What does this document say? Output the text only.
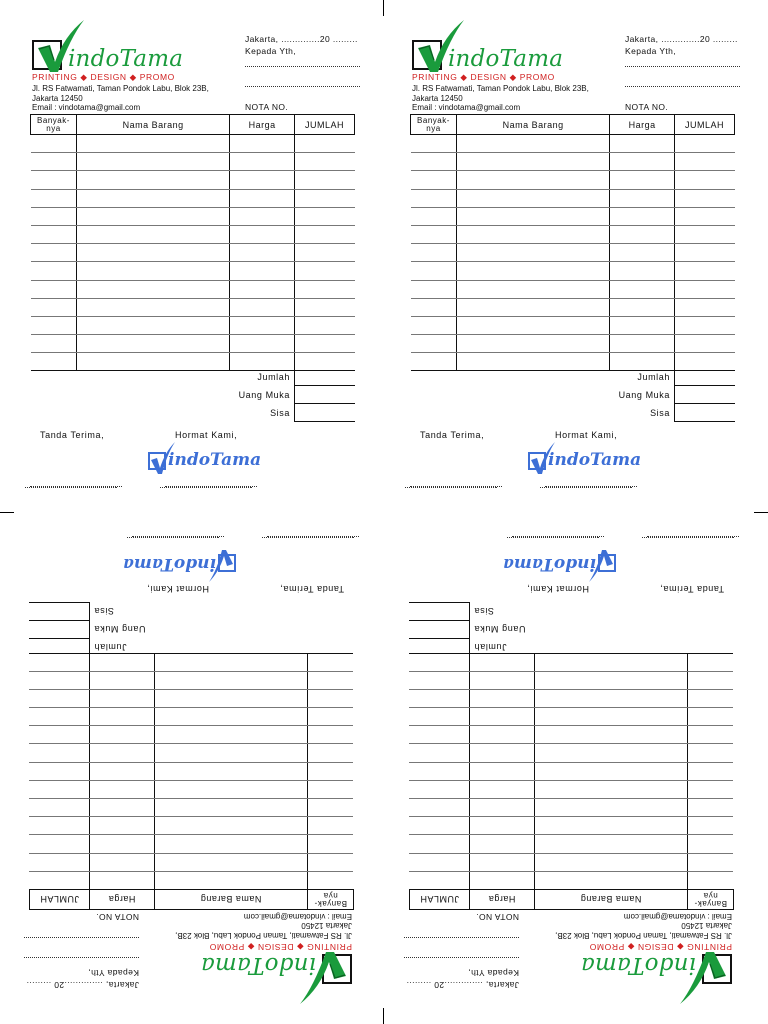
indoTama
PRINTING ◆ DESIGN ◆ PROMO
Jl. RS Fatwamati, Taman Pondok Labu, Blok 23B, Jakarta 12450
Email : vindotama@gmail.com
Jakarta, ..............20 .........
Kepada Yth,
NOTA NO.
Banyak-nya	Nama Barang	Harga	JUMLAH

Jumlah
Uang Muka
Sisa
Tanda Terima,	Hormat Kami,
indoTama
indoTama
PRINTING ◆ DESIGN ◆ PROMO
Jl. RS Fatwamati, Taman Pondok Labu, Blok 23B, Jakarta 12450
Email : vindotama@gmail.com
Jakarta, ..............20 .........
Kepada Yth,
NOTA NO.
Banyak-nya	Nama Barang	Harga	JUMLAH

Jumlah
Uang Muka
Sisa
Tanda Terima,	Hormat Kami,
indoTama
indoTama
PRINTING ◆ DESIGN ◆ PROMO
Jl. RS Fatwamati, Taman Pondok Labu, Blok 23B, Jakarta 12450
Email : vindotama@gmail.com
Jakarta, ..............20 .........
Kepada Yth,
NOTA NO.
Banyak-nya	Nama Barang	Harga	JUMLAH

Jumlah
Uang Muka
Sisa
Tanda Terima,
Hormat Kami,
indoTama
indoTama
PRINTING ◆ DESIGN ◆ PROMO
Jl. RS Fatwamati, Taman Pondok Labu, Blok 23B, Jakarta 12450
Email : vindotama@gmail.com
Jakarta, ..............20 .........
Kepada Yth,
NOTA NO.
Banyak-nya	Nama Barang	Harga	JUMLAH

Jumlah
Uang Muka
Sisa
Tanda Terima,
Hormat Kami,
indoTama
